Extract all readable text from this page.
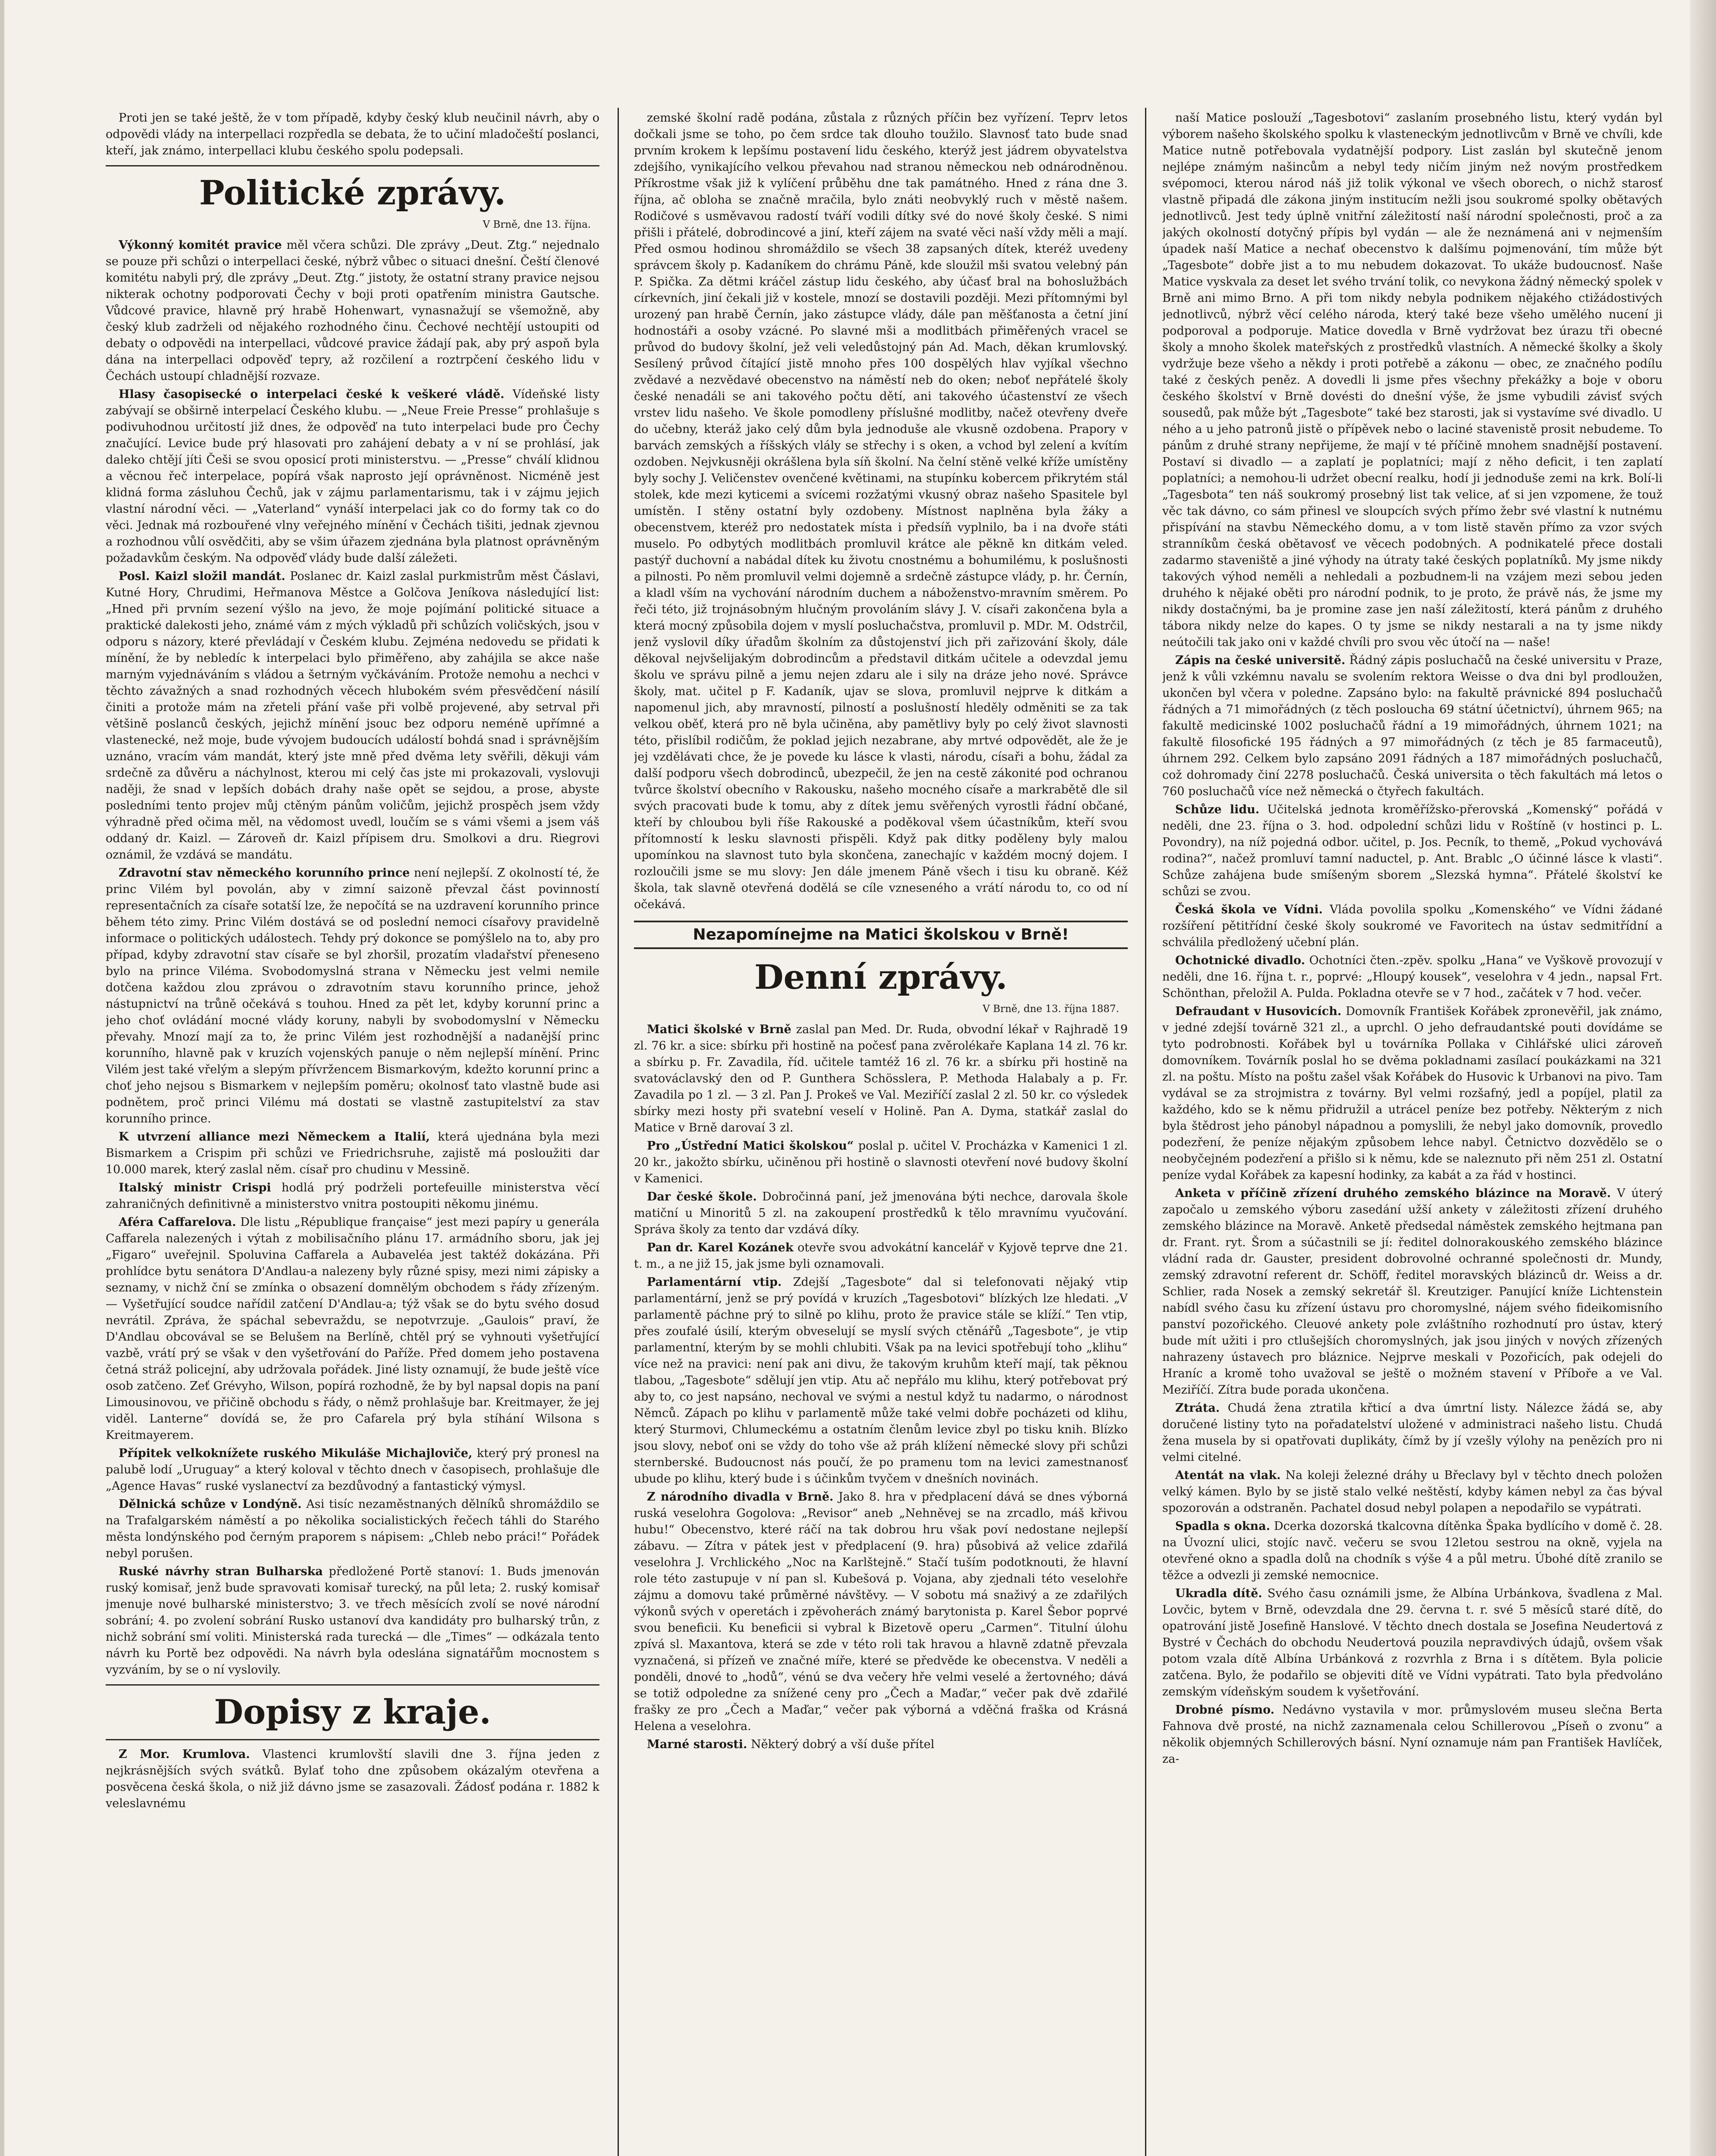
Proti jen se také ještě, že v tom případě, kdyby český klub neučinil návrh, aby o odpovědi vlády na interpellaci rozpředla se debata, že to učiní mladočeští poslanci, kteří, jak známo, interpellaci klubu českého spolu podepsali.

Politické zprávy.
V Brně, dne 13. října.

Výkonný komitét pravice měl včera schůzi. Dle zprávy „Deut. Ztg.“ nejednalo se pouze při schůzi o interpellaci české, nýbrž vůbec o situaci dnešní. Čeští členové komitétu nabyli prý, dle zprávy „Deut. Ztg.“ jistoty, že ostatní strany pravice nejsou nikterak ochotny podporovati Čechy v boji proti opatřením ministra Gautsche. Vůdcové pravice, hlavně prý hrabě Hohenwart, vynasnažují se všemožně, aby český klub zadrželi od nějakého rozhodného činu. Čechové nechtějí ustoupiti od debaty o odpovědi na interpellaci, vůdcové pravice žádají pak, aby prý aspoň byla dána na interpellaci odpověď tepry, až rozčilení a roztrpčení českého lidu v Čechách ustoupí chladnější rozvaze.

Hlasy časopisecké o interpelaci české k veškeré vládě. Vídeňské listy zabývají se obširně interpelací Českého klubu. — „Neue Freie Presse“ prohlašuje s podivuhodnou určitostí již dnes, že odpověď na tuto interpelaci bude pro Čechy značující. Levice bude prý hlasovati pro zahájení debaty a v ní se prohlásí, jak daleko chtějí jíti Češi se svou oposicí proti ministerstvu. — „Presse“ chválí klidnou a věcnou řeč interpelace, popírá však naprosto její oprávněnost. Nicméně jest klidná forma zásluhou Čechů, jak v zájmu parlamentarismu, tak i v zájmu jejich vlastní národní věci. — „Vaterland“ vynáší interpelaci jak co do formy tak co do věci. Jednak má rozbouřené vlny veřejného mínění v Čechách tišiti, jednak zjevnou a rozhodnou vůlí osvědčiti, aby se všim úřazem zjednána byla platnost oprávněným požadavkům českým. Na odpověď vlády bude další záležeti.

Posl. Kaizl složil mandát. Poslanec dr. Kaizl zaslal purkmistrům měst Čáslavi, Kutné Hory, Chrudimi, Heřmanova Městce a Golčova Jeníkova následující list: „Hned při prvním sezení výšlo na jevo, že moje pojímání politické situace a praktické dalekosti jeho, známé vám z mých výkladů při schůzích voličských, jsou v odporu s názory, které převládají v Českém klubu. Zejména nedovedu se přidati k mínění, že by nebledíc k interpelaci bylo přiměřeno, aby zahájila se akce naše marným vyjednáváním s vládou a šetrným vyčkáváním. Protože nemohu a nechci v těchto závažných a snad rozhodných věcech hlubokém svém přesvědčení násilí činiti a protože mám na zřeteli přání vaše při volbě projevené, aby setrval při většině poslanců českých, jejichž mínění jsouc bez odporu neméně upřímné a vlastenecké, než moje, bude vývojem budoucích událostí bohdá snad i správnějším uznáno, vracím vám mandát, který jste mně před dvěma lety svěřili, děkuji vám srdečně za důvěru a náchylnost, kterou mi celý čas jste mi prokazovali, vyslovuji naději, že snad v lepších dobách drahy naše opět se sejdou, a prose, abyste posledními tento projev můj ctěným pánům voličům, jejichž prospěch jsem vždy výhradně před očima měl, na vědomost uvedl, loučím se s vámi všemi a jsem váš oddaný dr. Kaizl. — Zároveň dr. Kaizl přípisem dru. Smolkovi a dru. Riegrovi oznámil, že vzdává se mandátu.

Zdravotní stav německého korunního prince není nejlepší. Z okolností té, že princ Vilém byl povolán, aby v zimní saizoně převzal část povinností representačních za císaře sotatší lze, že nepočítá se na uzdravení korunního prince během této zimy. Princ Vilém dostává se od poslední nemoci císařovy pravidelně informace o politických událostech. Tehdy prý dokonce se pomýšlelo na to, aby pro případ, kdyby zdravotní stav císaře se byl zhoršil, prozatím vladařství přeneseno bylo na prince Viléma. Svobodomyslná strana v Německu jest velmi nemile dotčena každou zlou zprávou o zdravotním stavu korunního prince, jehož nástupnictví na trůně očekává s touhou. Hned za pět let, kdyby korunní princ a jeho choť ovládání mocné vlády koruny, nabyli by svobodomyslní v Německu převahy. Mnozí mají za to, že princ Vilém jest rozhodnější a nadanější princ korunního, hlavně pak v kruzích vojenských panuje o něm nejlepší mínění. Princ Vilém jest také vřelým a slepým přívržencem Bismarkovým, kdežto korunní princ a choť jeho nejsou s Bismarkem v nejlepším poměru; okolnosť tato vlastně bude asi podnětem, proč princi Vilému má dostati se vlastně zastupitelství za stav korunního prince.

K utvrzení alliance mezi Německem a Italií, která ujednána byla mezi Bismarkem a Crispim při schůzi ve Friedrichsruhe, zajistě má posloužiti dar 10.000 marek, který zaslal něm. císař pro chudinu v Messině.

Italský ministr Crispi hodlá prý podrželi portefeuille ministerstva věcí zahraničných definitivně a ministerstvo vnitra postoupiti někomu jinému.

Aféra Caffarelova. Dle listu „République française“ jest mezi papíry u generála Caffarela nalezených i výtah z mobilisačního plánu 17. armádního sboru, jak jej „Figaro“ uveřejnil. Spoluvina Caffarela a Aubaveléa jest taktéž dokázána. Při prohlídce bytu senátora D'Andlau-a nalezeny byly různé spisy, mezi nimi zápisky a seznamy, v nichž ční se zmínka o obsazení domnělým obchodem s řády zřízeným. — Vyšetřující soudce nařídil zatčení D'Andlau-a; týž však se do bytu svého dosud nevrátil. Zpráva, že spáchal sebevraždu, se nepotvrzuje. „Gaulois“ praví, že D'Andlau obcovával se se Belušem na Berlíně, chtěl prý se vyhnouti vyšetřující vazbě, vrátí prý se však v den vyšetřování do Paříže. Před domem jeho postavena četná stráž policejní, aby udržovala pořádek. Jiné listy oznamují, že bude ještě více osob zatčeno. Zeť Grévyho, Wilson, popírá rozhodně, že by byl napsal dopis na paní Limousinovou, ve přičině obchodu s řády, o němž prohlašuje bar. Kreitmayer, že jej viděl. Lanterne“ dovídá se, že pro Cafarela prý byla stíhání Wilsona s Kreitmayerem.

Přípitek velkoknížete ruského Mikuláše Michajloviče, který prý pronesl na palubě lodí „Uruguay“ a který koloval v těchto dnech v časopisech, prohlašuje dle „Agence Havas“ ruské vyslanectví za bezdůvodný a fantastický výmysl.

Dělnická schůze v Londýně. Asi tisíc nezaměstnaných dělníků shromáždilo se na Trafalgarském náměstí a po několika socialistických řečech táhli do Starého města londýnského pod černým praporem s nápisem: „Chleb nebo práci!“ Pořádek nebyl porušen.

Ruské návrhy stran Bulharska předložené Portě stanoví: 1. Buds jmenován ruský komisař, jenž bude spravovati komisař turecký, na půl leta; 2. ruský komisař jmenuje nové bulharské ministerstvo; 3. ve třech měsících zvolí se nové národní sobrání; 4. po zvolení sobrání Rusko ustanoví dva kandidáty pro bulharský trůn, z nichž sobrání smí voliti. Ministerská rada turecká — dle „Times“ — odkázala tento návrh ku Portě bez odpovědi. Na návrh byla odeslána signatářům mocnostem s vyzváním, by se o ní vyslovily.

Dopisy z kraje.

Z Mor. Krumlova. Vlastenci krumlovští slavili dne 3. října jeden z nejkrásnějších svých svátků. Bylať toho dne způsobem okázalým otevřena a posvěcena česká škola, o niž již dávno jsme se zasazovali. Žádosť podána r. 1882 k veleslavnému

zemské školní radě podána, zůstala z různých příčin bez vyřízení. Teprv letos dočkali jsme se toho, po čem srdce tak dlouho toužilo. Slavnosť tato bude snad prvním krokem k lepšímu postavení lidu českého, kterýž jest jádrem obyvatelstva zdejšího, vynikajícího velkou převahou nad stranou německou neb odnárodněnou. Příkrostme však již k vylíčení průběhu dne tak památného. Hned z rána dne 3. října, ač obloha se značně mračila, bylo znáti neobvyklý ruch v městě našem. Rodičové s usměvavou radostí tváří vodili dítky své do nové školy české. S nimi přišli i přátelé, dobrodincové a jiní, kteří zájem na svaté věci naší vždy měli a mají. Před osmou hodinou shromáždilo se všech 38 zapsaných dítek, kteréž uvedeny správcem školy p. Kadaníkem do chrámu Páně, kde sloužil mši svatou velebný pán P. Spička. Za dětmi kráčel zástup lidu českého, aby účasť bral na bohoslužbách církevních, jiní čekali již v kostele, mnozí se dostavili později. Mezi přítomnými byl urozený pan hrabě Černín, jako zástupce vlády, dále pan měšťanosta a četní jiní hodnostáři a osoby vzácné. Po slavné mši a modlitbách přiměřených vracel se průvod do budovy školní, jež veli veledůstojný pán Ad. Mach, děkan krumlovský. Sesílený průvod čítající jistě mnoho přes 100 dospělých hlav vyjíkal všechno zvědavé a nezvědavé obecenstvo na náměstí neb do oken; neboť nepřátelé školy české nenadáli se ani takového počtu dětí, ani takového účastenství ze všech vrstev lidu našeho. Ve škole pomodleny příslušné modlitby, načež otevřeny dveře do učebny, kteráž jako celý dům byla jednoduše ale vkusně ozdobena. Prapory v barvách zemských a říšských vlály se střechy i s oken, a vchod byl zelení a kvítím ozdoben. Nejvkusněji okrášlena byla síň školní. Na čelní stěně velké kříže umístěny byly sochy J. Veličenstev ovenčené květinami, na stupínku kobercem přikrytém stál stolek, kde mezi kyticemi a svícemi rozžatými vkusný obraz našeho Spasitele byl umístěn. I stěny ostatní byly ozdobeny. Místnost naplněna byla žáky a obecenstvem, kteréž pro nedostatek místa i předsíň vyplnilo, ba i na dvoře státi muselo. Po odbytých modlitbách promluvil krátce ale pěkně kn ditkám veled. pastýř duchovní a nabádal dítek ku životu cnostnému a bohumilému, k poslušnosti a pilnosti. Po něm promluvil velmi dojemně a srdečně zástupce vlády, p. hr. Černín, a kladl vším na vychování národním duchem a náboženstvo-mravním směrem. Po řeči této, již trojnásobným hlučným provoláním slávy J. V. císaři zakončena byla a která mocný způsobila dojem v myslí posluchačstva, promluvil p. MDr. M. Odstrčil, jenž vyslovil díky úřadům školním za důstojenství jich při zařizování školy, dále děkoval nejvšelijakým dobrodincům a představil ditkám učitele a odevzdal jemu školu ve správu pilně a jemu nejen zdaru ale i sily na dráze jeho nové. Správce školy, mat. učitel p F. Kadaník, ujav se slova, promluvil nejprve k ditkám a napomenul jich, aby mravností, pilností a poslušností hleděly odměniti se za tak velkou oběť, která pro ně byla učiněna, aby pamětlivy byly po celý život slavnosti této, přislíbil rodičům, že poklad jejich nezabrane, aby mrtvé odpovědět, ale že je jej vzdělávati chce, že je povede ku lásce k vlasti, národu, císaři a bohu, žádal za další podporu všech dobrodinců, ubezpečil, že jen na cestě zákonité pod ochranou tvůrce školství obecního v Rakousku, našeho mocného císaře a markrabětě dle sil svých pracovati bude k tomu, aby z dítek jemu svěřených vyrostli řádní občané, kteří by chloubou byli říše Rakouské a poděkoval všem účastníkům, kteří svou přítomností k lesku slavnosti přispěli. Když pak ditky poděleny byly malou upomínkou na slavnost tuto byla skončena, zanechajíc v každém mocný dojem. I rozloučili jsme se mu slovy: Jen dále jmenem Páně všech i tisu ku obraně. Kéž škola, tak slavně otevřená dodělá se cíle vzneseného a vrátí národu to, co od ní očekává.

Nezapomínejme na Matici školskou v Brně!
Denní zprávy.
V Brně, dne 13. října 1887.

Matici školské v Brně zaslal pan Med. Dr. Ruda, obvodní lékař v Rajhradě 19 zl. 76 kr. a sice: sbírku při hostině na počesť pana zvěrolékaře Kaplana 14 zl. 76 kr. a sbírku p. Fr. Zavadila, říd. učitele tamtéž 16 zl. 76 kr. a sbírku při hostině na svatováclavský den od P. Gunthera Schösslera, P. Methoda Halabaly a p. Fr. Zavadila po 1 zl. — 3 zl. Pan J. Prokeš ve Val. Meziříčí zaslal 2 zl. 50 kr. co výsledek sbírky mezi hosty při svatební veselí v Holině. Pan A. Dyma, statkář zaslal do Matice v Brně darovaí 3 zl.

Pro „Ústřední Matici školskou“ poslal p. učitel V. Procházka v Kamenici 1 zl. 20 kr., jakožto sbírku, učiněnou při hostině o slavnosti otevření nové budovy školní v Kamenici.

Dar české škole. Dobročinná paní, jež jmenována býti nechce, darovala škole matiční u Minoritů 5 zl. na zakoupení prostředků k tělo mravnímu vyučování. Správa školy za tento dar vzdává díky.

Pan dr. Karel Kozánek otevře svou advokátní kancelář v Kyjově teprve dne 21. t. m., a ne již 15, jak jsme byli oznamovali.

Parlamentární vtip. Zdejší „Tagesbote“ dal si telefonovati nějaký vtip parlamentární, jenž se prý povídá v kruzích „Tagesbotovi“ blízkých lze hledati. „V parlamentě páchne prý to silně po klihu, proto že pravice stále se klíží.“ Ten vtip, přes zoufalé úsilí, kterým obveselují se myslí svých ctěnářů „Tagesbote“, je vtip parlamentní, kterým by se mohli chlubiti. Však pa na levici spotřebují toho „klihu“ více než na pravici: není pak ani divu, že takovým kruhům kteří mají, tak pěknou tlabou, „Tagesbote“ sdělují jen vtip. Atu ač nepřálo mu klihu, který potřebovat prý aby to, co jest napsáno, nechoval ve svými a nestul když tu nadarmo, o národnost Němců. Zápach po klihu v parlamentě může také velmi dobře pocházeti od klihu, který Sturmovi, Chlumeckému a ostatním členům levice zbyl po tisku knih. Blízko jsou slovy, neboť oni se vždy do toho vše až práh klížení německé slovy při schůzi sternberské. Budoucnost nás poučí, že po pramenu tom na levici zamestnanosť ubude po klihu, který bude i s účinkům tvyčem v dnešních novinách.

Z národního divadla v Brně. Jako 8. hra v předplacení dává se dnes výborná ruská veselohra Gogolova: „Revisor“ aneb „Nehněvej se na zrcadlo, máš křivou hubu!“ Obecenstvo, které ráčí na tak dobrou hru však poví nedostane nejlepší zábavu. — Zítra v pátek jest v předplacení (9. hra) působivá až velice zdařilá veselohra J. Vrchlického „Noc na Karlštejně.“ Stačí tuším podotknouti, že hlavní role této zastupuje v ní pan sl. Kubešová p. Vojana, aby zjednali této veselohře zájmu a domovu také průměrné návštěvy. — V sobotu má snaživý a ze zdařilých výkonů svých v operetách i zpěvoherách známý barytonista p. Karel Šebor poprvé svou beneficii. Ku beneficii si vybral k Bizetově operu „Carmen“. Titulní úlohu zpívá sl. Maxantova, která se zde v této roli tak hravou a hlavně zdatně převzala vyznačená, si přízeň ve značné míře, které se předvěde ke obecenstva. V neděli a ponděli, dnové to „hodů“, vénú se dva večery hře velmi veselé a žertovného; dává se totiž odpoledne za snížené ceny pro „Čech a Maďar,“ večer pak dvě zdařilé frašky ze pro „Čech a Maďar,“ večer pak výborná a vděčná fraška od Krásná Helena a veselohra.

Marné starosti. Některý dobrý a vší duše přítel

naší Matice poslouží „Tagesbotovi“ zaslaním prosebného listu, který vydán byl výborem našeho školského spolku k vlasteneckým jednotlivcům v Brně ve chvíli, kde Matice nutně potřebovala vydatnější podpory. List zaslán byl skutečně jenom nejlépe známým našincům a nebyl tedy ničím jiným než novým prostředkem svépomoci, kterou národ náš již tolik výkonal ve všech oborech, o nichž starosť vlastně připadá dle zákona jiným institucím nežli jsou soukromé spolky obětavých jednotlivců. Jest tedy úplně vnitřní záležitostí naší národní společnosti, proč a za jakých okolností dotyčný přípis byl vydán — ale že neznámená ani v nejmenším úpadek naší Matice a nechať obecenstvo k dalšímu pojmenování, tím může být „Tagesbote“ dobře jist a to mu nebudem dokazovat. To ukáže budoucnosť. Naše Matice vyskvala za deset let svého trvání tolik, co nevykona žádný německý spolek v Brně ani mimo Brno. A při tom nikdy nebyla podnikem nějakého ctižádostivých jednotlivců, nýbrž věcí celého národa, který také beze všeho umělého nucení ji podporoval a podporuje. Matice dovedla v Brně vydržovat bez úrazu tři obecné školy a mnoho školek mateřských z prostředků vlastních. A německé školky a školy vydržuje beze všeho a někdy i proti potřebě a zákonu — obec, ze značného podílu také z českých peněz. A dovedli li jsme přes všechny překážky a boje v oboru českého školství v Brně dovésti do dnešní výše, že jsme vybudili závisť svých sousedů, pak může být „Tagesbote“ také bez starosti, jak si vystavíme své divadlo. U ného a u jeho patronů jistě o přípěvek nebo o laciné stavenistě prosit nebudeme. To pánům z druhé strany nepřijeme, že mají v té příčině mnohem snadnější postavení. Postaví si divadlo — a zaplatí je poplatníci; mají z něho deficit, i ten zaplatí poplatníci; a nemohou-li udržet obecní realku, hodí ji jednoduše zemi na krk. Bolí-li „Tagesbota“ ten náš soukromý prosebný list tak velice, ať si jen vzpomene, že touž věc tak dávno, co sám přinesl ve sloupcích svých přímo žebr své vlastní k nutnému přispívání na stavbu Německého domu, a v tom listě stavěn přímo za vzor svých stranníkům česká obětavosť ve věcech podobných. A podnikatelé přece dostali zadarmo staveniště a jiné výhody na útraty také českých poplatníků. My jsme nikdy takových výhod neměli a nehledali a pozbudnem-li na vzájem mezi sebou jeden druhého k nějaké oběti pro národní podnik, to je proto, že právě nás, že jsme my nikdy dostačnými, ba je promine zase jen naší záležitostí, která pánům z druhého tábora nikdy nelze do kapes. O ty jsme se nikdy nestarali a na ty jsme nikdy neútočili tak jako oni v každé chvíli pro svou věc útočí na — naše!

Zápis na české universitě. Řádný zápis posluchačů na české universitu v Praze, jenž k vůli vzkémnu navalu se svolením rektora Weisse o dva dni byl prodloužen, ukončen byl včera v poledne. Zapsáno bylo: na fakultě právnické 894 posluchačů řádných a 71 mimořádných (z těch posloucha 69 státní účetnictví), úhrnem 965; na fakultě medicinské 1002 posluchačů řádní a 19 mimořádných, úhrnem 1021; na fakultě filosofické 195 řádných a 97 mimořádných (z těch je 85 farmaceutů), úhrnem 292. Celkem bylo zapsáno 2091 řádných a 187 mimořádných posluchačů, což dohromady činí 2278 posluchačů. Česká universita o těch fakultách má letos o 760 posluchačů více než německá o čtyřech fakultách.

Schůze lidu. Učitelská jednota kroměřížsko-přerovská „Komenský“ pořádá v neděli, dne 23. října o 3. hod. odpolední schůzi lidu v Roštíně (v hostinci p. L. Povondry), na níž pojedná odbor. učitel, p. Jos. Pecník, to themě, „Pokud vychovává rodina?“, načež promluví tamní naductel, p. Ant. Brablc „O účinné lásce k vlasti“. Schůze zahájena bude smíšeným sborem „Slezská hymna“. Přátelé školství ke schůzi se zvou.

Česká škola ve Vídni. Vláda povolila spolku „Komenského“ ve Vídni žádané rozšíření pětitřídní české školy soukromé ve Favoritech na ústav sedmitřídní a schválila předložený učební plán.

Ochotnické divadlo. Ochotníci čten.-zpěv. spolku „Hana“ ve Vyškově provozují v neděli, dne 16. října t. r., poprvé: „Hloupý kousek“, veselohra v 4 jedn., napsal Frt. Schönthan, přeložil A. Pulda. Pokladna otevře se v 7 hod., začátek v 7 hod. večer.

Defraudant v Husovicích. Domovník František Kořábek zpronevěřil, jak známo, v jedné zdejší továrně 321 zl., a uprchl. O jeho defraudantské pouti dovídáme se tyto podrobnosti. Kořábek byl u továrníka Pollaka v Cihlářské ulici zároveň domovníkem. Továrník poslal ho se dvěma pokladnami zasílací poukázkami na 321 zl. na poštu. Místo na poštu zašel však Kořábek do Husovic k Urbanovi na pivo. Tam vydával se za strojmistra z továrny. Byl velmi rozšafný, jedl a popíjel, platil za každého, kdo se k němu přidružil a utrácel peníze bez potřeby. Některým z nich byla štědrost jeho pánobyl nápadnou a pomyslili, že nebyl jako domovník, provedlo podezření, že peníze nějakým způsobem lehce nabyl. Četnictvo dozvědělo se o neobyčejném podezření a přišlo si k němu, kde se naleznuto při něm 251 zl. Ostatní peníze vydal Kořábek za kapesní hodinky, za kabát a za řád v hostinci.

Anketa v příčině zřízení druhého zemského blázince na Moravě. V úterý započalo u zemského výboru zasedání užší ankety v záležitosti zřízení druhého zemského blázince na Moravě. Anketě předsedal náměstek zemského hejtmana pan dr. Frant. ryt. Šrom a súčastnili se jí: ředitel dolnorakouského zemského blázince vládní rada dr. Gauster, president dobrovolné ochranné společnosti dr. Mundy, zemský zdravotní referent dr. Schöff, ředitel moravských blázinců dr. Weiss a dr. Schlier, rada Nosek a zemský sekretář šl. Kreutziger. Panující kníže Lichtenstein nabídl svého času ku zřízení ústavu pro choromyslné, nájem svého fideikomisního panství pozořického. Cleuové ankety pole zvláštního rozhodnutí pro ústav, který bude mít užiti i pro ctlušejších choromyslných, jak jsou jiných v nových zřízených nahrazeny ústavech pro bláznice. Nejprve meskali v Pozořicích, pak odejeli do Hraníc a kromě toho uvažoval se ještě o možném stavení v Příboře a ve Val. Meziříčí. Zítra bude porada ukončena.

Ztráta. Chudá žena ztratila křticí a dva úmrtní listy. Nálezce žádá se, aby doručené listiny tyto na pořadatelství uložené v administraci našeho listu. Chudá žena musela by si opatřovati duplikáty, čímž by jí vzešly výlohy na penězích pro ni velmi citelné.

Atentát na vlak. Na koleji železné dráhy u Břeclavy byl v těchto dnech položen velký kámen. Bylo by se jistě stalo velké neštěstí, kdyby kámen nebyl za čas býval spozorován a odstraněn. Pachatel dosud nebyl polapen a nepodařilo se vypátrati.

Spadla s okna. Dcerka dozorská tkalcovna dítěnka Špaka bydlícího v domě č. 28. na Úvozní ulici, stojíc navč. večeru se svou 12letou sestrou na okně, vyjela na otevřené okno a spadla dolů na chodník s výše 4 a půl metru. Úbohé dítě zranilo se těžce a odvezli ji zemské nemocnice.

Ukradla dítě. Svého času oznámili jsme, že Albína Urbánkova, švadlena z Mal. Lovčic, bytem v Brně, odevzdala dne 29. června t. r. své 5 měsíců staré dítě, do opatrování jistě Josefině Hanslové. V těchto dnech dostala se Josefina Neudertová z Bystré v Čechách do obchodu Neudertová pouzila nepravdivých údajů, ovšem však potom vzala dítě Albína Urbánková z rozvrhla z Brna i s dítětem. Byla policie zatčena. Bylo, že podařilo se objeviti dítě ve Vídni vypátrati. Tato byla předvoláno zemským vídeňským soudem k vyšetřování.

Drobné písmo. Nedávno vystavila v mor. průmyslovém museu slečna Berta Fahnova dvě prosté, na nichž zaznamenala celou Schillerovou „Píseň o zvonu“ a několik objemných Schillerových básní. Nyní oznamuje nám pan František Havlíček, za-
